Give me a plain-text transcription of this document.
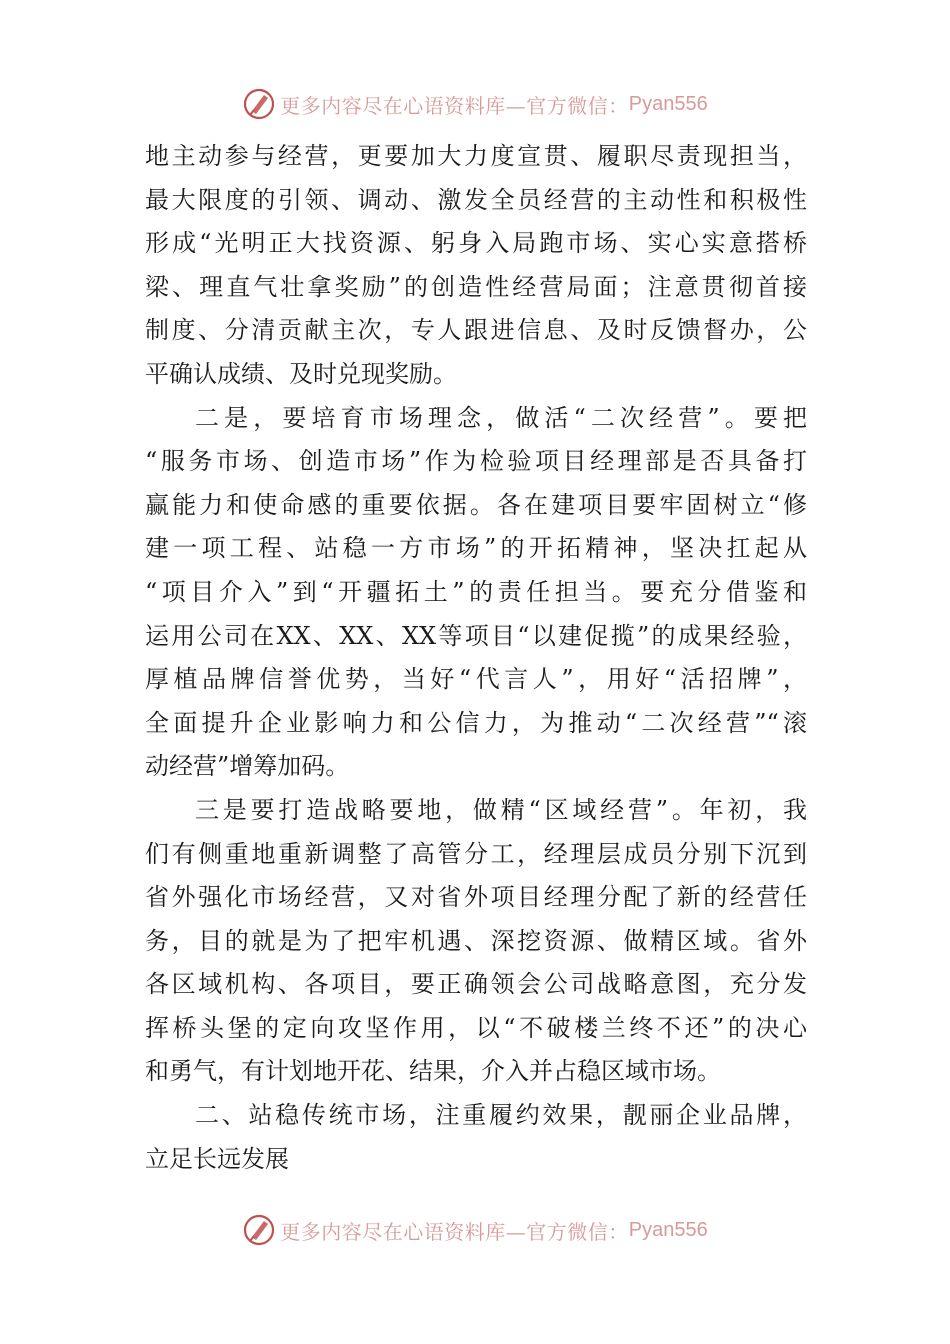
更多内容尽在心语资料库—官方微信： Pyan556
地主动参与经营，更要加大力度宣贯、履职尽责现担当，
最大限度的引领、调动、激发全员经营的主动性和积极性
形成“光明正大找资源、躬身入局跑市场、实心实意搭桥
梁、理直气壮拿奖励”的创造性经营局面；注意贯彻首接
制度、分清贡献主次，专人跟进信息、及时反馈督办，公
平确认成绩、及时兑现奖励。
二是，要培育市场理念，做活“二次经营”。要把
“服务市场、创造市场”作为检验项目经理部是否具备打
赢能力和使命感的重要依据。各在建项目要牢固树立“修
建一项工程、站稳一方市场”的开拓精神，坚决扛起从
“项目介入”到“开疆拓土”的责任担当。要充分借鉴和
运用公司在XX、XX、XX等项目“以建促揽”的成果经验，
厚植品牌信誉优势，当好“代言人”，用好“活招牌”，
全面提升企业影响力和公信力，为推动“二次经营”“滚
动经营”增筹加码。
三是要打造战略要地，做精“区域经营”。年初，我
们有侧重地重新调整了高管分工，经理层成员分别下沉到
省外强化市场经营，又对省外项目经理分配了新的经营任
务，目的就是为了把牢机遇、深挖资源、做精区域。省外
各区域机构、各项目，要正确领会公司战略意图，充分发
挥桥头堡的定向攻坚作用，以“不破楼兰终不还”的决心
和勇气，有计划地开花、结果，介入并占稳区域市场。
二、站稳传统市场，注重履约效果，靓丽企业品牌，
立足长远发展
更多内容尽在心语资料库—官方微信： Pyan556
